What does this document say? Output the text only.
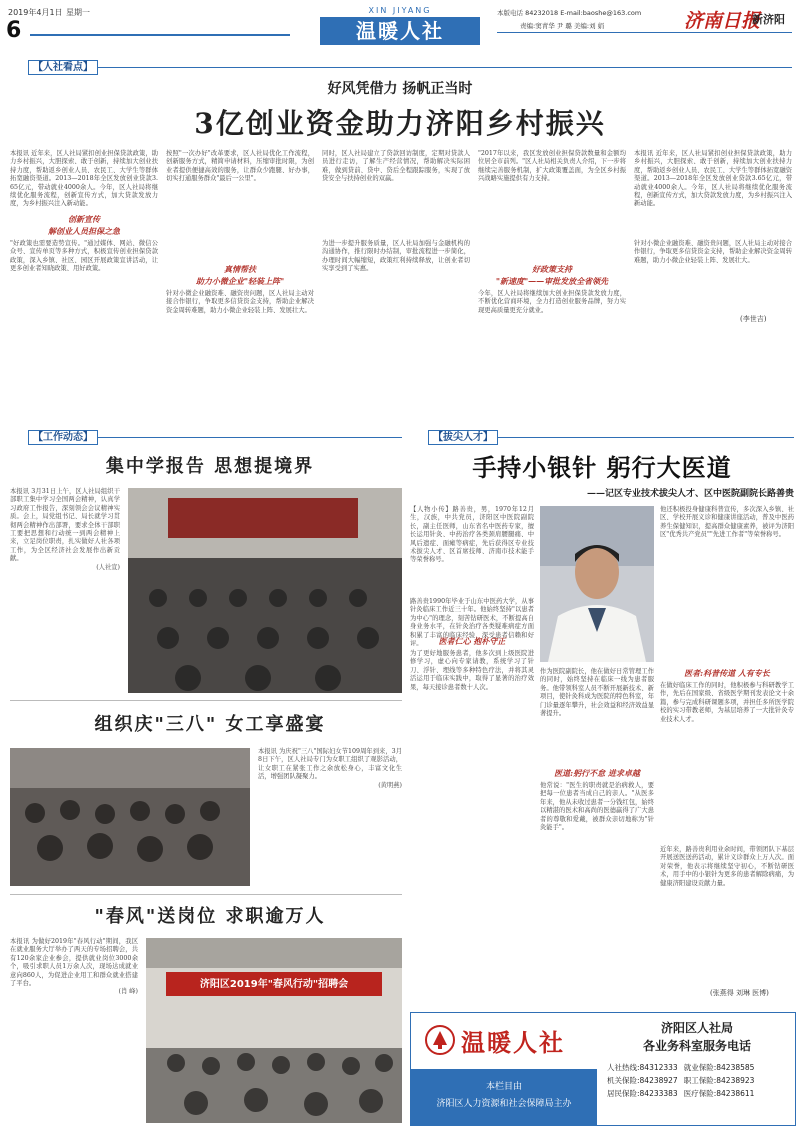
2019年4月1日 星期一
6
XIN JIYANG
温暖人社
本版电话 84232018 E-mail:baoshe@163.com
责编:窦青华 尹 璐 美编:刘 娟	济南日报
新济阳
【人社看点】
好风凭借力 扬帆正当时
3亿创业资金助力济阳乡村振兴
本报讯 近年来，区人社局紧扣创业担保贷款政策，助力乡村振兴，大胆探索、敢于创新，持续加大创业扶持力度，帮助返乡创业人员、农民工、大学生等群体拓宽融资渠道。2013—2018年全区发放创业贷款3.65亿元，带动就业4000余人。今年，区人社局将继续优化服务流程，创新宣传方式，加大贷款发放力度，为乡村振兴注入新动能。
创新宣传
解创业人员担保之急
"好政策也需要造势宣传。"通过媒体、网站、微信公众号、宣传单页等多种方式，积极宣传创业担保贷款政策，深入乡镇、社区、园区开展政策宣讲活动，让更多创业者知晓政策、用好政策。
按照"一次办好"改革要求，区人社局优化工作流程，创新服务方式，精简申请材料，压缩审批时限，为创业者提供便捷高效的服务，让群众少跑腿、好办事，切实打通服务群众"最后一公里"。
真情帮扶
助力小微企业"轻装上阵"
针对小微企业融资难、融资贵问题，区人社局主动对接合作银行，争取更多信贷资金支持，帮助企业解决资金周转难题，助力小微企业轻装上阵、发展壮大。
同时，区人社局建立了贷款回访制度，定期对贷款人员进行走访，了解生产经营情况，帮助解决实际困难，做到贷前、贷中、贷后全程跟踪服务，实现了放贷安全与扶持创业的双赢。
为进一步提升服务质量，区人社局加强与金融机构的沟通协作，推行限时办结制，审批流程进一步简化，办理时间大幅缩短，政策红利持续释放，让创业者切实享受到了实惠。
"2017年以来，我区发放创业担保贷款数量和金额均位居全市前列。"区人社局相关负责人介绍，下一步将继续完善服务机制，扩大政策覆盖面，为全区乡村振兴战略实施提供有力支持。
好政策支持
"新速度"——审批发放全省领先
今年，区人社局将继续加大创业担保贷款发放力度，不断优化营商环境，全力打造创业服务品牌，努力实现更高质量更充分就业。
本报讯 近年来，区人社局紧扣创业担保贷款政策，助力乡村振兴，大胆探索、敢于创新，持续加大创业扶持力度，帮助返乡创业人员、农民工、大学生等群体拓宽融资渠道。2013—2018年全区发放创业贷款3.65亿元，带动就业4000余人。今年，区人社局将继续优化服务流程，创新宣传方式，加大贷款发放力度，为乡村振兴注入新动能。
针对小微企业融资难、融资贵问题，区人社局主动对接合作银行，争取更多信贷资金支持，帮助企业解决资金周转难题，助力小微企业轻装上阵、发展壮大。
(李世吉)
【工作动态】
集中学报告 思想提境界
本报讯 3月31日上午，区人社局组织干部职工集中学习全国两会精神，认真学习政府工作报告，深刻领会会议精神实质。会上，局党组书记、局长就学习贯彻两会精神作出部署，要求全体干部职工要把思想和行动统一到两会精神上来，立足岗位职责，扎实做好人社各项工作，为全区经济社会发展作出新贡献。

(人社宣)
组织庆"三八" 女工享盛宴
本报讯 为庆祝"三八"国际妇女节109周年到来，3月8日下午，区人社局专门为女职工组织了观影活动，让女职工在紧张工作之余放松身心，丰富文化生活，增强团队凝聚力。

(黄明燕)
"春风"送岗位 求职逾万人
本报讯 为做好2019年"春风行动"期间，我区在就业服务大厅举办了两天的专场招聘会，共有120余家企业参会，提供就业岗位3000余个，吸引求职人员1万余人次，现场达成就业意向860人，为促进企业用工和群众就业搭建了平台。

(肖 峰)
济阳区2019年"春风行动"招聘会
【拔尖人才】
手持小银针 躬行大医道
——记区专业技术拔尖人才、区中医院副院长路善贵
【人物小传】路善贵，男，1970年12月生，汉族，中共党员，济阳区中医院副院长，副主任医师，山东省名中医药专家，擅长运用针灸、中药治疗各类颈肩腰腿痛、中风后遗症、面瘫等病症，先后获得区专业技术拔尖人才、区首席技师、济南市技术能手等荣誉称号。
他还积极投身健康科普宣传，多次深入乡镇、社区、学校开展义诊和健康讲座活动，普及中医药养生保健知识，提高群众健康素养，被评为济阳区"优秀共产党员""先进工作者"等荣誉称号。
路善贵1990年毕业于山东中医药大学，从事针灸临床工作近三十年。他始终坚持"以患者为中心"的理念，刻苦钻研医术，不断提高自身业务水平，在针灸治疗各类疑难病症方面积累了丰富的临床经验，深受患者信赖和好评。	医者仁心 抱朴守正
为了更好地服务患者，他多次到上级医院进修学习，虚心向专家请教，系统学习了针刀、浮针、埋线等多种特色疗法，并将其灵活运用于临床实践中，取得了显著的治疗效果，每天接诊患者数十人次。
作为医院副院长，他在做好日常管理工作的同时，始终坚持在临床一线为患者服务。他带领科室人员不断开展新技术、新项目，使针灸科成为医院的特色科室，年门诊量逐年攀升，社会效益和经济效益显著提升。
医道:躬行不怠 进求卓越
他常说："医生的职责就是治病救人，要把每一位患者当成自己的亲人。"从医多年来，他从未收过患者一分钱红包，始终以精湛的医术和高尚的医德赢得了广大患者的尊敬和爱戴，被群众亲切地称为"针灸能手"。
医者:科普传道 人有专长
在做好临床工作的同时，他积极参与科研教学工作，先后在国家级、省级医学期刊发表论文十余篇，参与完成科研课题多项，并担任多所医学院校的实习带教老师，为基层培养了一大批针灸专业技术人才。
近年来，路善贵利用业余时间，带领团队下基层开展送医送药活动，累计义诊群众上万人次。面对荣誉，他表示将继续坚守初心，不断钻研医术，用手中的小银针为更多的患者解除病痛，为健康济阳建设贡献力量。
(张燕得 刘琳 医博)
温暖人社
本栏目由
济阳区人力资源和社会保障局主办
济阳区人社局
各业务科室服务电话
人社热线:84312333 就业保险:84238585
机关保险:84238927 职工保险:84238923
居民保险:84233383 医疗保险:84238611
